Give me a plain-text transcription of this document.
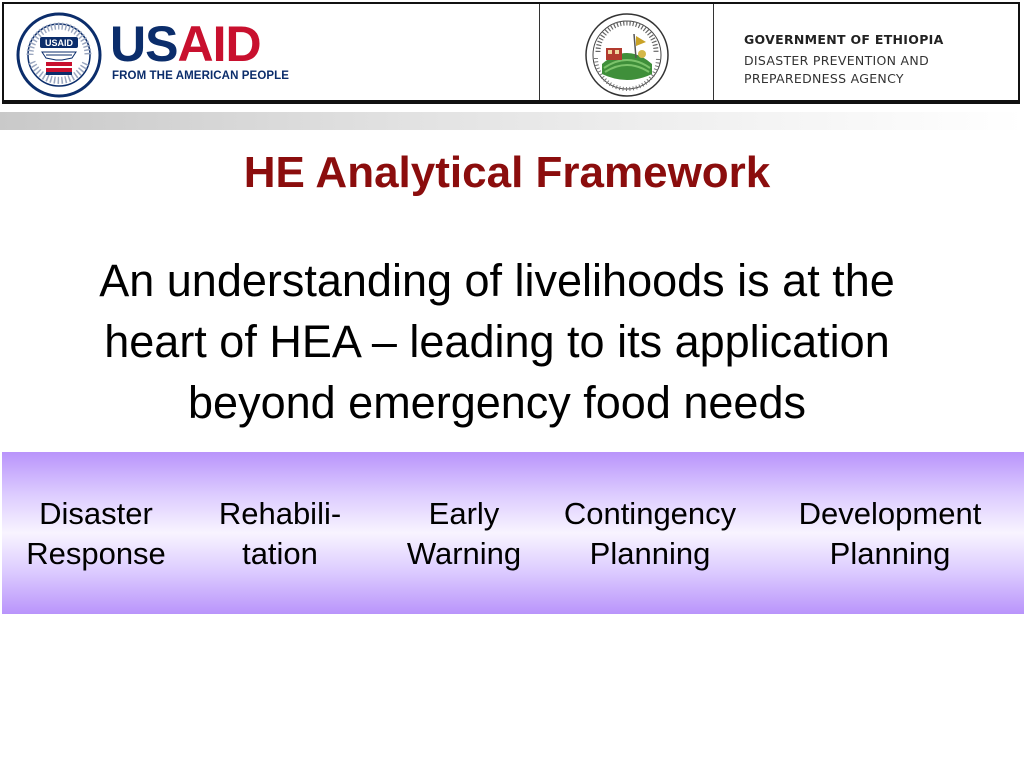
USAID USAID
FROM THE AMERICAN PEOPLE
GOVERNMENT OF ETHIOPIA
DISASTER PREVENTION AND
PREPAREDNESS AGENCY
HE Analytical Framework
An understanding of livelihoods is at the
heart of HEA – leading to its application
beyond emergency food needs
Disaster
Response
Rehabili-
tation
Early
Warning
Contingency
Planning
Development
Planning
